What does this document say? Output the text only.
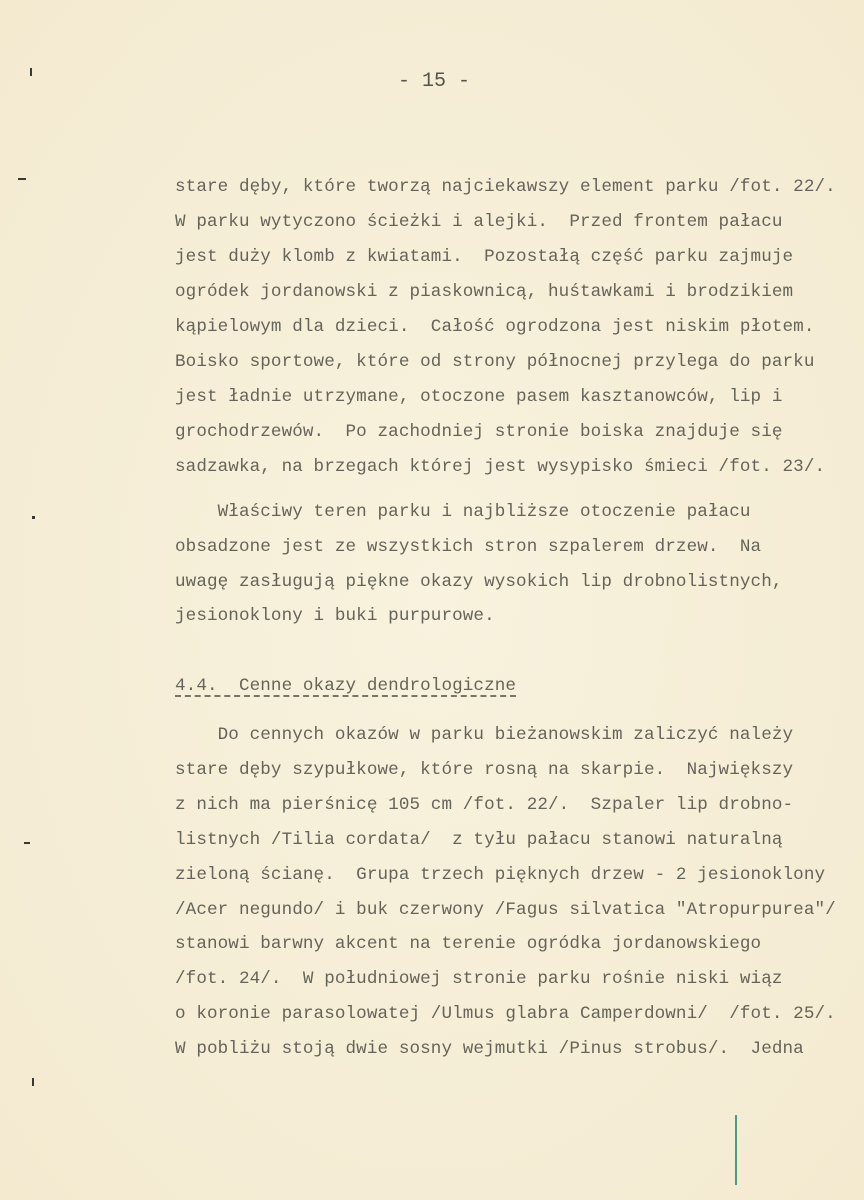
- 15 -
stare dęby, które tworzą najciekawszy element parku /fot. 22/.
W parku wytyczono ścieżki i alejki.  Przed frontem pałacu
jest duży klomb z kwiatami.  Pozostałą część parku zajmuje
ogródek jordanowski z piaskownicą, huśtawkami i brodzikiem
kąpielowym dla dzieci.  Całość ogrodzona jest niskim płotem.
Boisko sportowe, które od strony północnej przylega do parku
jest ładnie utrzymane, otoczone pasem kasztanowców, lip i
grochodrzewów.  Po zachodniej stronie boiska znajduje się
sadzawka, na brzegach której jest wysypisko śmieci /fot. 23/.
Właściwy teren parku i najbliższe otoczenie pałacu
obsadzone jest ze wszystkich stron szpalerem drzew.  Na
uwagę zasługują piękne okazy wysokich lip drobnolistnych,
jesionoklony i buki purpurowe.
4.4.  Cenne okazy dendrologiczne
Do cennych okazów w parku bieżanowskim zaliczyć należy
stare dęby szypułkowe, które rosną na skarpie.  Największy
z nich ma pierśnicę 105 cm /fot. 22/.  Szpaler lip drobno-
listnych /Tilia cordata/  z tyłu pałacu stanowi naturalną
zieloną ścianę.  Grupa trzech pięknych drzew - 2 jesionoklony
/Acer negundo/ i buk czerwony /Fagus silvatica "Atropurpurea"/
stanowi barwny akcent na terenie ogródka jordanowskiego
/fot. 24/.  W południowej stronie parku rośnie niski wiąz
o koronie parasolowatej /Ulmus glabra Camperdowni/  /fot. 25/.
W pobliżu stoją dwie sosny wejmutki /Pinus strobus/.  Jedna
